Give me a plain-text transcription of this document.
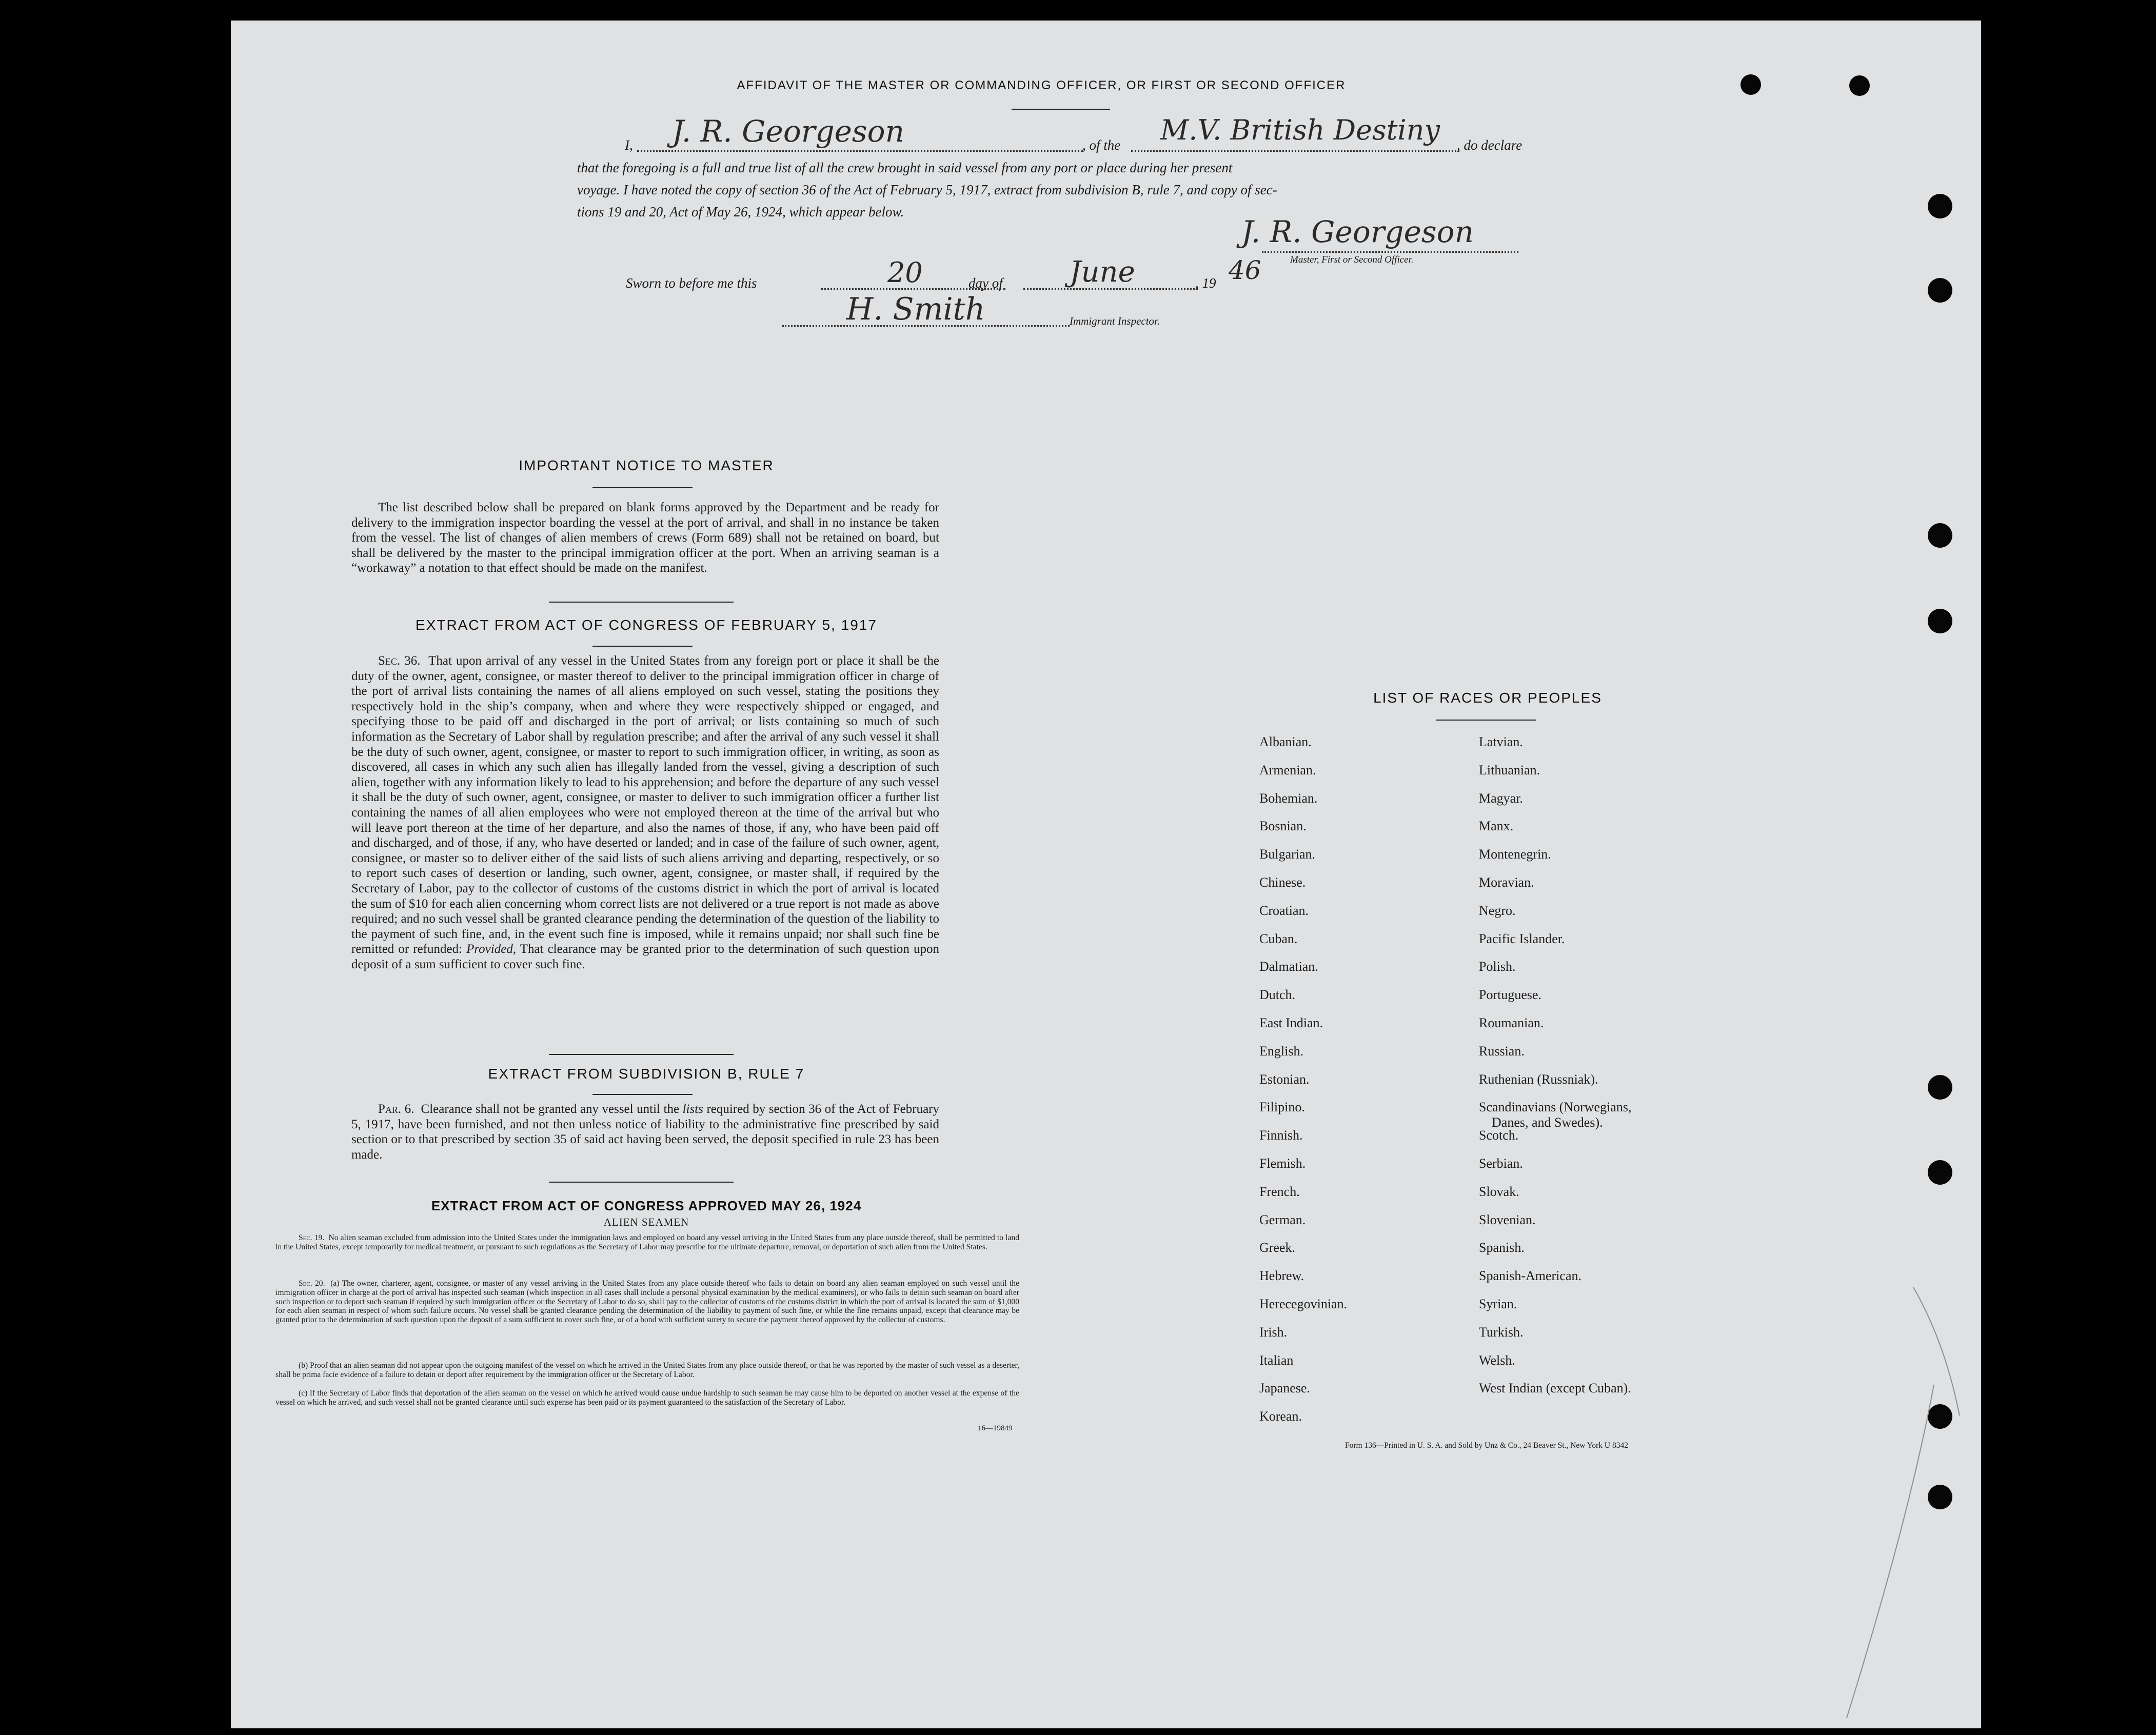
AFFIDAVIT OF THE MASTER OR COMMANDING OFFICER, OR FIRST OR SECOND OFFICER
I, J. R. Georgeson	, of the M.V. British Destiny , do declare
that the foregoing is a full and true list of all the crew brought in said vessel from any port or place during her present
voyage. I have noted the copy of section 36 of the Act of February 5, 1917, extract from subdivision B, rule 7, and copy of sec-
tions 19 and 20, Act of May 26, 1924, which appear below.
J. R. Georgeson
Master, First or Second Officer.
Sworn to before me this	20	day of June	, 19 46
H. Smith	Immigrant Inspector.
IMPORTANT NOTICE TO MASTER
The list described below shall be prepared on blank forms approved by the Department and be ready for delivery to the immigration inspector boarding the vessel at the port of arrival, and shall in no instance be taken from the vessel. The list of changes of alien members of crews (Form 689) shall not be retained on board, but shall be delivered by the master to the principal immigration officer at the port. When an arriving seaman is a “workaway” a notation to that effect should be made on the manifest.
EXTRACT FROM ACT OF CONGRESS OF FEBRUARY 5, 1917
Sec. 36. That upon arrival of any vessel in the United States from any foreign port or place it shall be the duty of the owner, agent, consignee, or master thereof to deliver to the principal immigration officer in charge of the port of arrival lists containing the names of all aliens employed on such vessel, stating the positions they respectively hold in the ship’s company, when and where they were respectively shipped or engaged, and specifying those to be paid off and discharged in the port of arrival; or lists containing so much of such information as the Secretary of Labor shall by regulation prescribe; and after the arrival of any such vessel it shall be the duty of such owner, agent, consignee, or master to report to such immigration officer, in writing, as soon as discovered, all cases in which any such alien has illegally landed from the vessel, giving a description of such alien, together with any information likely to lead to his apprehension; and before the departure of any such vessel it shall be the duty of such owner, agent, consignee, or master to deliver to such immigration officer a further list containing the names of all alien employees who were not employed thereon at the time of the arrival but who will leave port thereon at the time of her departure, and also the names of those, if any, who have been paid off and discharged, and of those, if any, who have deserted or landed; and in case of the failure of such owner, agent, consignee, or master so to deliver either of the said lists of such aliens arriving and departing, respectively, or so to report such cases of desertion or landing, such owner, agent, consignee, or master shall, if required by the Secretary of Labor, pay to the collector of customs of the customs district in which the port of arrival is located the sum of $10 for each alien concerning whom correct lists are not delivered or a true report is not made as above required; and no such vessel shall be granted clearance pending the determination of the question of the liability to the payment of such fine, and, in the event such fine is imposed, while it remains unpaid; nor shall such fine be remitted or refunded: Provided, That clearance may be granted prior to the determination of such question upon deposit of a sum sufficient to cover such fine.
EXTRACT FROM SUBDIVISION B, RULE 7
Par. 6. Clearance shall not be granted any vessel until the lists required by section 36 of the Act of February 5, 1917, have been furnished, and not then unless notice of liability to the administrative fine prescribed by said section or to that prescribed by section 35 of said act having been served, the deposit specified in rule 23 has been made.
EXTRACT FROM ACT OF CONGRESS APPROVED MAY 26, 1924
ALIEN SEAMEN
Sec. 19. No alien seaman excluded from admission into the United States under the immigration laws and employed on board any vessel arriving in the United States from any place outside thereof, shall be permitted to land in the United States, except temporarily for medical treatment, or pursuant to such regulations as the Secretary of Labor may prescribe for the ultimate departure, removal, or deportation of such alien from the United States.
Sec. 20. (a) The owner, charterer, agent, consignee, or master of any vessel arriving in the United States from any place outside thereof who fails to detain on board any alien seaman employed on such vessel until the immigration officer in charge at the port of arrival has inspected such seaman (which inspection in all cases shall include a personal physical examination by the medical examiners), or who fails to detain such seaman on board after such inspection or to deport such seaman if required by such immigration officer or the Secretary of Labor to do so, shall pay to the collector of customs of the customs district in which the port of arrival is located the sum of $1,000 for each alien seaman in respect of whom such failure occurs. No vessel shall be granted clearance pending the determination of the liability to payment of such fine, or while the fine remains unpaid, except that clearance may be granted prior to the determination of such question upon the deposit of a sum sufficient to cover such fine, or of a bond with sufficient surety to secure the payment thereof approved by the collector of customs.
(b) Proof that an alien seaman did not appear upon the outgoing manifest of the vessel on which he arrived in the United States from any place outside thereof, or that he was reported by the master of such vessel as a deserter, shall be prima facie evidence of a failure to detain or deport after requirement by the immigration officer or the Secretary of Labor.
(c) If the Secretary of Labor finds that deportation of the alien seaman on the vessel on which he arrived would cause undue hardship to such seaman he may cause him to be deported on another vessel at the expense of the vessel on which he arrived, and such vessel shall not be granted clearance until such expense has been paid or its payment guaranteed to the satisfaction of the Secretary of Labor.
16—19849
LIST OF RACES OR PEOPLES
Albanian.
Armenian.
Bohemian.
Bosnian.
Bulgarian.
Chinese.
Croatian.
Cuban.
Dalmatian.
Dutch.
East Indian.
English.
Estonian.
Filipino.
Finnish.
Flemish.
French.
German.
Greek.
Hebrew.
Herecegovinian.
Irish.
Italian
Japanese.
Korean.
Latvian.
Lithuanian.
Magyar.
Manx.
Montenegrin.
Moravian.
Negro.
Pacific Islander.
Polish.
Portuguese.
Roumanian.
Russian.
Ruthenian (Russniak).
Scandinavians (Norwegians,
Danes, and Swedes).
Scotch.
Serbian.
Slovak.
Slovenian.
Spanish.
Spanish-American.
Syrian.
Turkish.
Welsh.
West Indian (except Cuban).
Form 136—Printed in U. S. A. and Sold by Unz & Co., 24 Beaver St., New York U 8342
